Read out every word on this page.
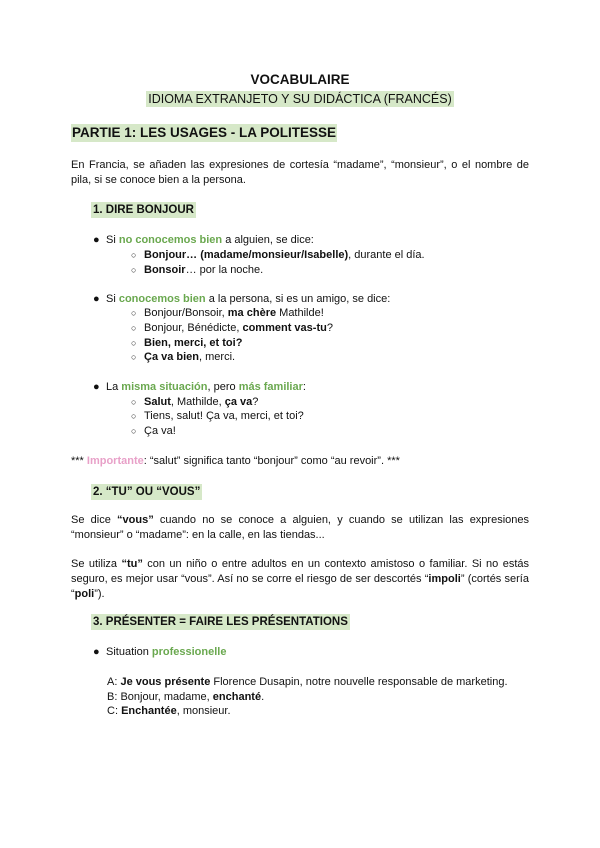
VOCABULAIRE
IDIOMA EXTRANJETO Y SU DIDÁCTICA (FRANCÉS)
PARTIE 1: LES USAGES - LA POLITESSE
En Francia, se añaden las expresiones de cortesía “madame”, “monsieur”, o el nombre de pila, si se conoce bien a la persona.
1. DIRE BONJOUR
● Si no conocemos bien a alguien, se dice:
○ Bonjour… (madame/monsieur/Isabelle), durante el día.
○ Bonsoir… por la noche.
● Si conocemos bien a la persona, si es un amigo, se dice:
○ Bonjour/Bonsoir, ma chère Mathilde!
○ Bonjour, Bénédicte, comment vas-tu?
○ Bien, merci, et toi?
○ Ça va bien, merci.
● La misma situación, pero más familiar:
○ Salut, Mathilde, ça va?
○ Tiens, salut! Ça va, merci, et toi?
○ Ça va!
*** Importante: “salut” significa tanto “bonjour” como “au revoir”. ***
2. “TU” OU “VOUS”
Se dice “vous” cuando no se conoce a alguien, y cuando se utilizan las expresiones “monsieur” o “madame”: en la calle, en las tiendas...
Se utiliza “tu” con un niño o entre adultos en un contexto amistoso o familiar. Si no estás seguro, es mejor usar “vous”. Así no se corre el riesgo de ser descortés “impoli” (cortés sería “poli”).
3. PRÉSENTER = FAIRE LES PRÉSENTATIONS
● Situation professionelle
A: Je vous présente Florence Dusapin, notre nouvelle responsable de marketing.
B: Bonjour, madame, enchanté.
C: Enchantée, monsieur.
